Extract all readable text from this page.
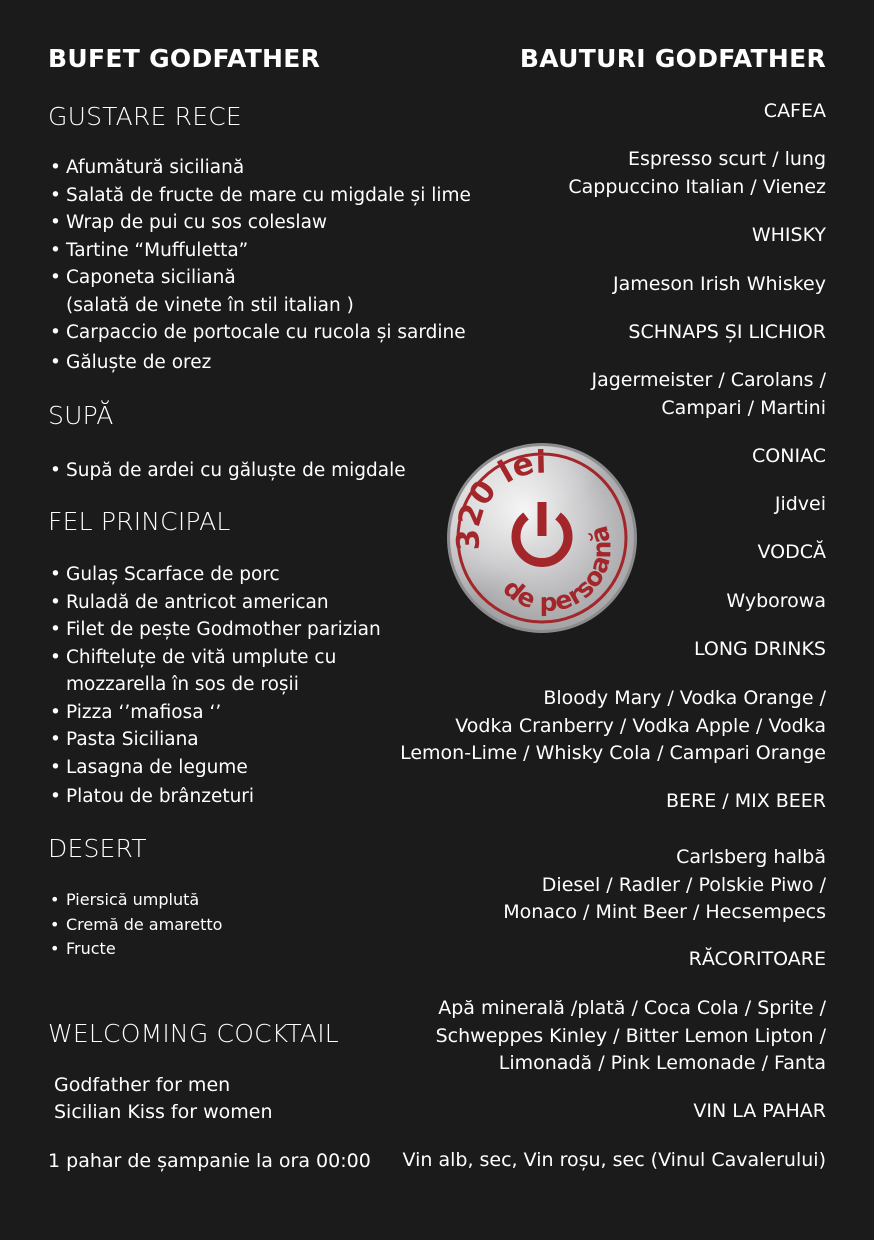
BUFET GODFATHER
GUSTARE RECE
• Afumătură siciliană
• Salată de fructe de mare cu migdale și lime
• Wrap de pui cu sos coleslaw
• Tartine “Muffuletta”
• Caponeta siciliană
(salată de vinete în stil italian )
• Carpaccio de portocale cu rucola și sardine
• Găluște de orez
SUPĂ
• Supă de ardei cu găluște de migdale
FEL PRINCIPAL
• Gulaș Scarface de porc
• Ruladă de antricot american
• Filet de pește Godmother parizian
• Chifteluțe de vită umplute cu
mozzarella în sos de roșii
• Pizza ‘’mafiosa ‘’
• Pasta Siciliana
• Lasagna de legume
• Platou de brânzeturi
DESERT
• Piersică umplută
• Cremă de amaretto
• Fructe
WELCOMING COCKTAIL
Godfather for men
Sicilian Kiss for women
1 pahar de șampanie la ora 00:00
BAUTURI GODFATHER
CAFEA
Espresso scurt / lung
Cappuccino Italian / Vienez
WHISKY
Jameson Irish Whiskey
SCHNAPS ȘI LICHIOR
Jagermeister / Carolans /
Campari / Martini
CONIAC
Jidvei
VODCĂ
Wyborowa
LONG DRINKS
Bloody Mary / Vodka Orange /
Vodka Cranberry / Vodka Apple / Vodka
Lemon-Lime / Whisky Cola / Campari Orange
BERE / MIX BEER
Carlsberg halbă
Diesel / Radler / Polskie Piwo /
Monaco / Mint Beer / Hecsempecs
RĂCORITOARE
Apă minerală /plată / Coca Cola / Sprite /
Schweppes Kinley / Bitter Lemon Lipton /
Limonadă / Pink Lemonade / Fanta
VIN LA PAHAR
Vin alb, sec, Vin roșu, sec (Vinul Cavalerului)
320 lei
de persoană
